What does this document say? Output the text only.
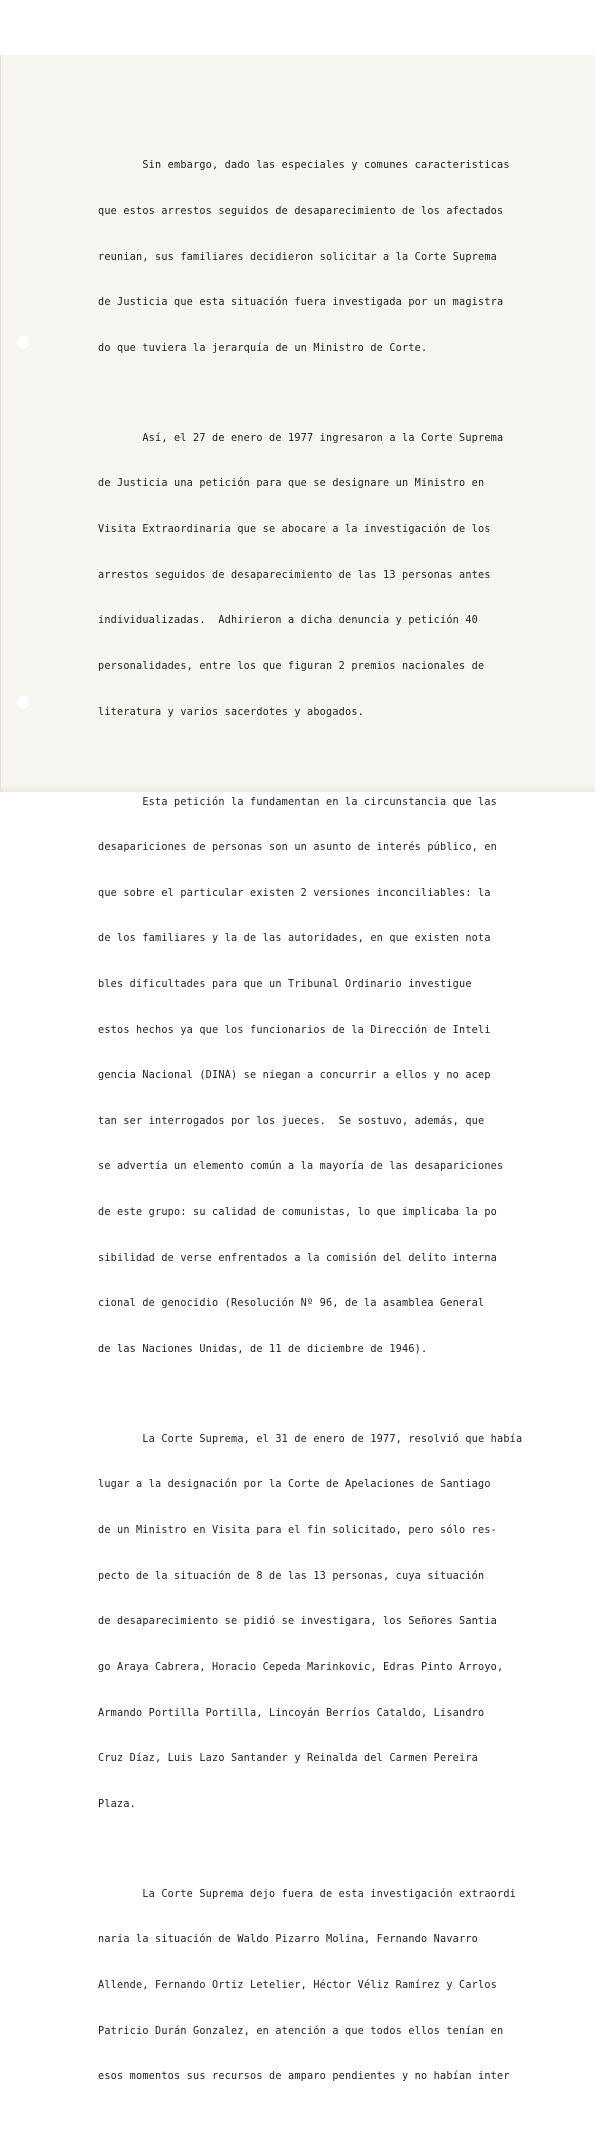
Sin embargo, dado las especiales y comunes caracteristicas

que estos arrestos seguidos de desaparecimiento de los afectados

reunian, sus familiares decidieron solicitar a la Corte Suprema

de Justicia que esta situación fuera investigada por un magistra

do que tuviera la jerarquía de un Ministro de Corte.

Así, el 27 de enero de 1977 ingresaron a la Corte Suprema

de Justicia una petición para que se designare un Ministro en

Visita Extraordinaria que se abocare a la investigación de los

arrestos seguidos de desaparecimiento de las 13 personas antes

individualizadas.  Adhirieron a dicha denuncia y petición 40

personalidades, entre los que figuran 2 premios nacionales de

literatura y varios sacerdotes y abogados.

Esta petición la fundamentan en la circunstancia que las

desapariciones de personas son un asunto de interés público, en

que sobre el particular existen 2 versiones inconciliables: la

de los familiares y la de las autoridades, en que existen nota

bles dificultades para que un Tribunal Ordinario investigue

estos hechos ya que los funcionarios de la Dirección de Inteli

gencia Nacional (DINA) se niegan a concurrir a ellos y no acep

tan ser interrogados por los jueces.  Se sostuvo, además, que

se advertía un elemento común a la mayoría de las desapariciones

de este grupo: su calidad de comunistas, lo que implicaba la po

sibilidad de verse enfrentados a la comisión del delito interna

cional de genocidio (Resolución Nº 96, de la asamblea General

de las Naciones Unidas, de 11 de diciembre de 1946).

La Corte Suprema, el 31 de enero de 1977, resolvió que había

lugar a la designación por la Corte de Apelaciones de Santiago

de un Ministro en Visita para el fin solicitado, pero sólo res-

pecto de la situación de 8 de las 13 personas, cuya situación

de desaparecimiento se pidió se investigara, los Señores Santia

go Araya Cabrera, Horacio Cepeda Marinkovic, Edras Pinto Arroyo,

Armando Portilla Portilla, Lincoyán Berríos Cataldo, Lisandro

Cruz Díaz, Luis Lazo Santander y Reinalda del Carmen Pereira

Plaza.

La Corte Suprema dejo fuera de esta investigación extraordi

naria la situación de Waldo Pizarro Molina, Fernando Navarro

Allende, Fernando Ortiz Letelier, Héctor Véliz Ramírez y Carlos

Patricio Durán Gonzalez, en atención a que todos ellos tenían en

esos momentos sus recursos de amparo pendientes y no habían inter
